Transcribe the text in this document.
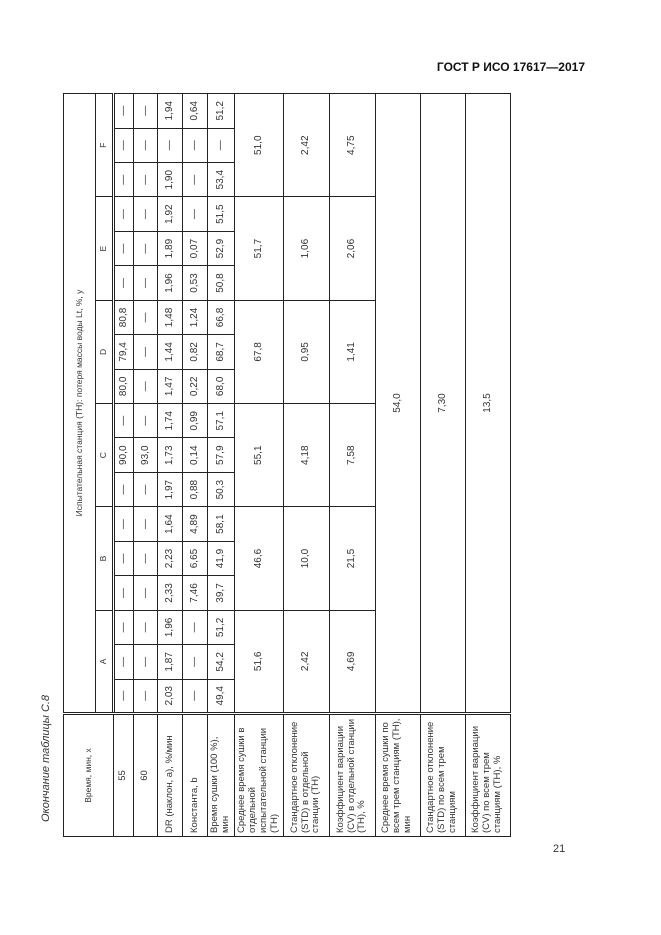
ГОСТ Р ИСО 17617—2017
Окончание таблицы С.8
21
Время, мин, x	Испытательная станция (TH): потеря массы воды Lt, %, y																	
	A			B			C			D			E			F		
55	—	—	—	—	—	—	—	90,0	—	80,0	79,4	80,8	—	—	—	—	—	—
60	—	—	—	—	—	—	—	93,0	—	—	—	—	—	—	—	—	—	—
DR (наклон, a), %/мин	2,03	1,87	1,96	2,33	2,23	1,64	1,97	1,73	1,74	1,47	1,44	1,48	1,96	1,89	1,92	1,90	—	1,94
Константа, b	—	—	—	7,46	6,65	4,89	0,88	0,14	0,99	0,22	0,82	1,24	0,53	0,07	—	—	—	0,64
Время сушки (100 %), мин	49,4	54,2	51,2	39,7	41,9	58,1	50,3	57,9	57,1	68,0	68,7	66,8	50,8	52,9	51,5	53,4	—	51,2
Среднее время сушки в отдельной испытательной станции (TH)	51,6			46,6			55,1			67,8			51,7			51,0		
Стандартное отклонение (STD) в отдельной станции (TH)	2,42			10,0			4,18			0,95			1,06			2,42		
Коэффициент вариации (CV) в отдельной станции (TH), %	4,69			21,5			7,58			1,41			2,06			4,75		
Среднее время сушки по всем трем станциям (TH), мин	54,0																	
Стандартное отклонение (STD) по всем трем станциям	7,30																	
Коэффициент вариации (CV) по всем трем станциям (TH), %	13,5																	
